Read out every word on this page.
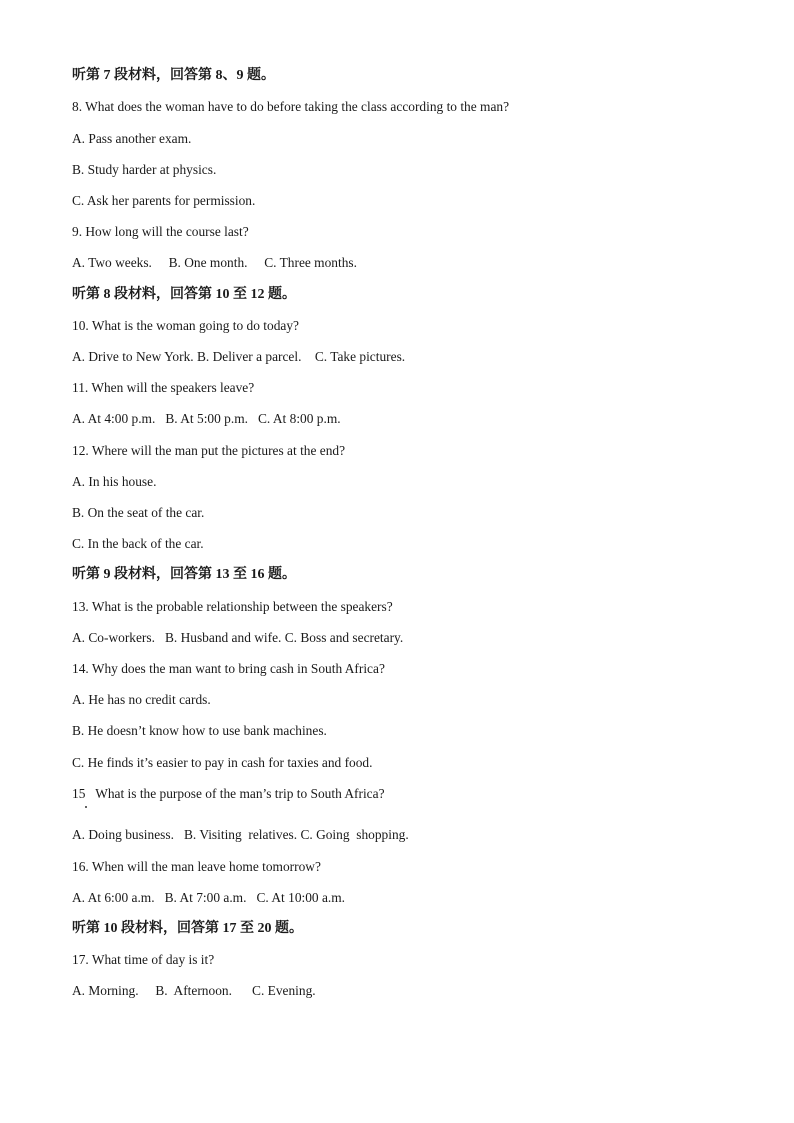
听第 7 段材料，回答第 8、9 题。
8. What does the woman have to do before taking the class according to the man?
A. Pass another exam.
B. Study harder at physics.
C. Ask her parents for permission.
9. How long will the course last?
A. Two weeks.     B. One month.     C. Three months.
听第 8 段材料，回答第 10 至 12 题。
10. What is the woman going to do today?
A. Drive to New York. B. Deliver a parcel.    C. Take pictures.
11. When will the speakers leave?
A. At 4:00 p.m.   B. At 5:00 p.m.   C. At 8:00 p.m.
12. Where will the man put the pictures at the end?
A. In his house.
B. On the seat of the car.
C. In the back of the car.
听第 9 段材料，回答第 13 至 16 题。
13. What is the probable relationship between the speakers?
A. Co-workers.   B. Husband and wife. C. Boss and secretary.
14. Why does the man want to bring cash in South Africa?
A. He has no credit cards.
B. He doesn’t know how to use bank machines.
C. He finds it’s easier to pay in cash for taxies and food.
15   What is the purpose of the man’s trip to South Africa?
A. Doing business.   B. Visiting  relatives. C. Going  shopping.
16. When will the man leave home tomorrow?
A. At 6:00 a.m.   B. At 7:00 a.m.   C. At 10:00 a.m.
听第 10 段材料，回答第 17 至 20 题。
17. What time of day is it?
A. Morning.     B.  Afternoon.      C. Evening.
